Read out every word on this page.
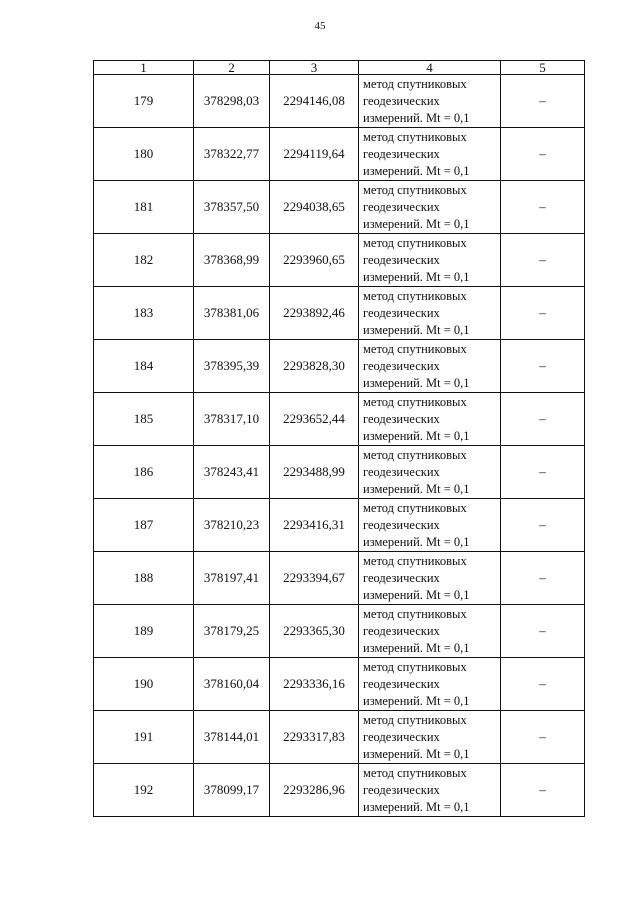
45
1	2	3	4	5
179	378298,03	2294146,08	метод спутниковых
геодезических
измерений. Mt = 0,1	–
180	378322,77	2294119,64	метод спутниковых
геодезических
измерений. Mt = 0,1	–
181	378357,50	2294038,65	метод спутниковых
геодезических
измерений. Mt = 0,1	–
182	378368,99	2293960,65	метод спутниковых
геодезических
измерений. Mt = 0,1	–
183	378381,06	2293892,46	метод спутниковых
геодезических
измерений. Mt = 0,1	–
184	378395,39	2293828,30	метод спутниковых
геодезических
измерений. Mt = 0,1	–
185	378317,10	2293652,44	метод спутниковых
геодезических
измерений. Mt = 0,1	–
186	378243,41	2293488,99	метод спутниковых
геодезических
измерений. Mt = 0,1	–
187	378210,23	2293416,31	метод спутниковых
геодезических
измерений. Mt = 0,1	–
188	378197,41	2293394,67	метод спутниковых
геодезических
измерений. Mt = 0,1	–
189	378179,25	2293365,30	метод спутниковых
геодезических
измерений. Mt = 0,1	–
190	378160,04	2293336,16	метод спутниковых
геодезических
измерений. Mt = 0,1	–
191	378144,01	2293317,83	метод спутниковых
геодезических
измерений. Mt = 0,1	–
192	378099,17	2293286,96	метод спутниковых
геодезических
измерений. Mt = 0,1	–
